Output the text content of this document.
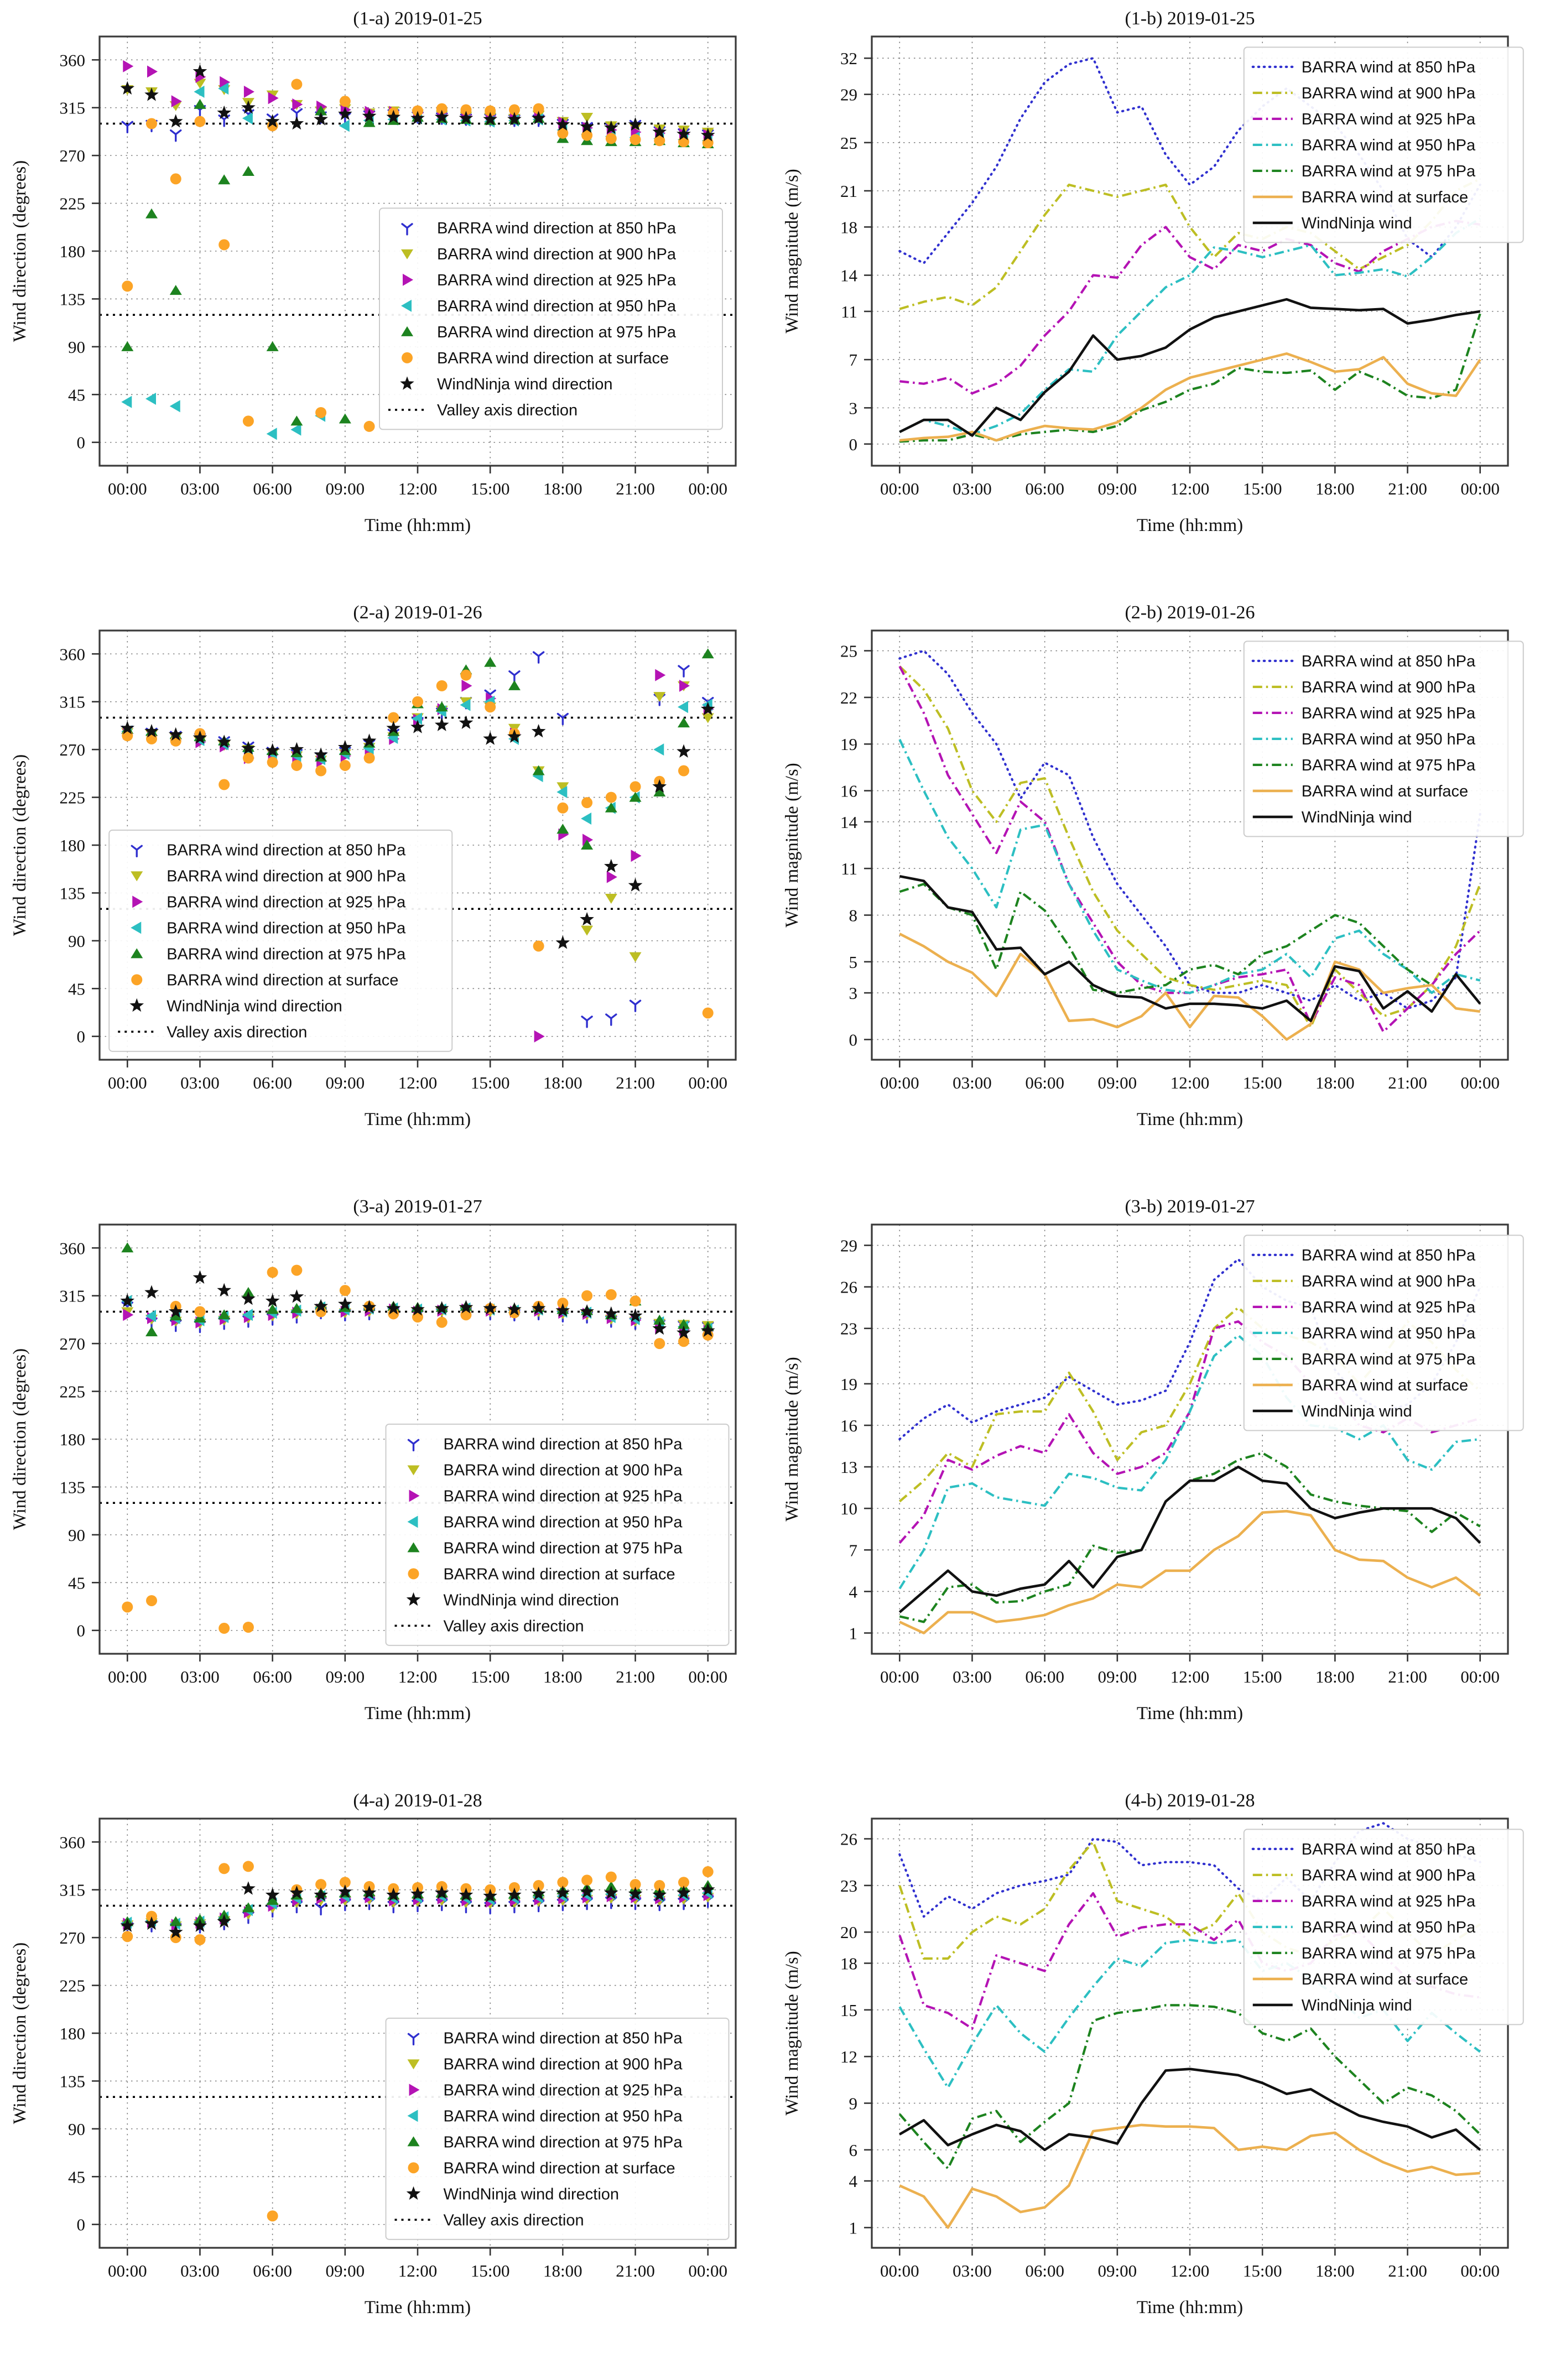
(1-a) 2019-01-25
00:00 03:00 06:00 09:00 12:00 15:00 18:00 21:00 00:00
0
45
90
135
180
225
270
315
360
Time (hh:mm)
Wind direction (degrees)	BARRA wind direction at 850 hPa
BARRA wind direction at 900 hPa
BARRA wind direction at 925 hPa
BARRA wind direction at 950 hPa
BARRA wind direction at 975 hPa
BARRA wind direction at surface
WindNinja wind direction
Valley axis direction
(1-b) 2019-01-25
00:00 03:00 06:00 09:00 12:00 15:00 18:00 21:00 00:00
0
3
7
11
14
18
21
25
29
32
Time (hh:mm)
Wind magnitude (m/s)
BARRA wind at 850 hPa
BARRA wind at 900 hPa
BARRA wind at 925 hPa
BARRA wind at 950 hPa
BARRA wind at 975 hPa
BARRA wind at surface
WindNinja wind
(2-a) 2019-01-26
00:00 03:00 06:00 09:00 12:00 15:00 18:00 21:00 00:00
0
45
90
135
180
225
270
315
360
Time (hh:mm)
Wind direction (degrees)	BARRA wind direction at 850 hPa
BARRA wind direction at 900 hPa
BARRA wind direction at 925 hPa
BARRA wind direction at 950 hPa
BARRA wind direction at 975 hPa
BARRA wind direction at surface
WindNinja wind direction
Valley axis direction
(2-b) 2019-01-26
00:00 03:00 06:00 09:00 12:00 15:00 18:00 21:00 00:00
0
3
5
8
11
14
16
19
22
25
Time (hh:mm)
Wind magnitude (m/s)
BARRA wind at 850 hPa
BARRA wind at 900 hPa
BARRA wind at 925 hPa
BARRA wind at 950 hPa
BARRA wind at 975 hPa
BARRA wind at surface
WindNinja wind
(3-a) 2019-01-27
00:00 03:00 06:00 09:00 12:00 15:00 18:00 21:00 00:00
0
45
90
135
180
225
270
315
360
Time (hh:mm)
Wind direction (degrees)	BARRA wind direction at 850 hPa
BARRA wind direction at 900 hPa
BARRA wind direction at 925 hPa
BARRA wind direction at 950 hPa
BARRA wind direction at 975 hPa
BARRA wind direction at surface
WindNinja wind direction
Valley axis direction
(3-b) 2019-01-27
00:00 03:00 06:00 09:00 12:00 15:00 18:00 21:00 00:00
1
4
7
10
13
16
19
23
26
29
Time (hh:mm)
Wind magnitude (m/s)
BARRA wind at 850 hPa
BARRA wind at 900 hPa
BARRA wind at 925 hPa
BARRA wind at 950 hPa
BARRA wind at 975 hPa
BARRA wind at surface
WindNinja wind
(4-a) 2019-01-28
00:00 03:00 06:00 09:00 12:00 15:00 18:00 21:00 00:00
0
45
90
135
180
225
270
315
360
Time (hh:mm)
Wind direction (degrees)	BARRA wind direction at 850 hPa
BARRA wind direction at 900 hPa
BARRA wind direction at 925 hPa
BARRA wind direction at 950 hPa
BARRA wind direction at 975 hPa
BARRA wind direction at surface
WindNinja wind direction
Valley axis direction
(4-b) 2019-01-28
00:00 03:00 06:00 09:00 12:00 15:00 18:00 21:00 00:00
1
4
6
9
12
15
18
20
23
26
Time (hh:mm)
Wind magnitude (m/s)
BARRA wind at 850 hPa
BARRA wind at 900 hPa
BARRA wind at 925 hPa
BARRA wind at 950 hPa
BARRA wind at 975 hPa
BARRA wind at surface
WindNinja wind
